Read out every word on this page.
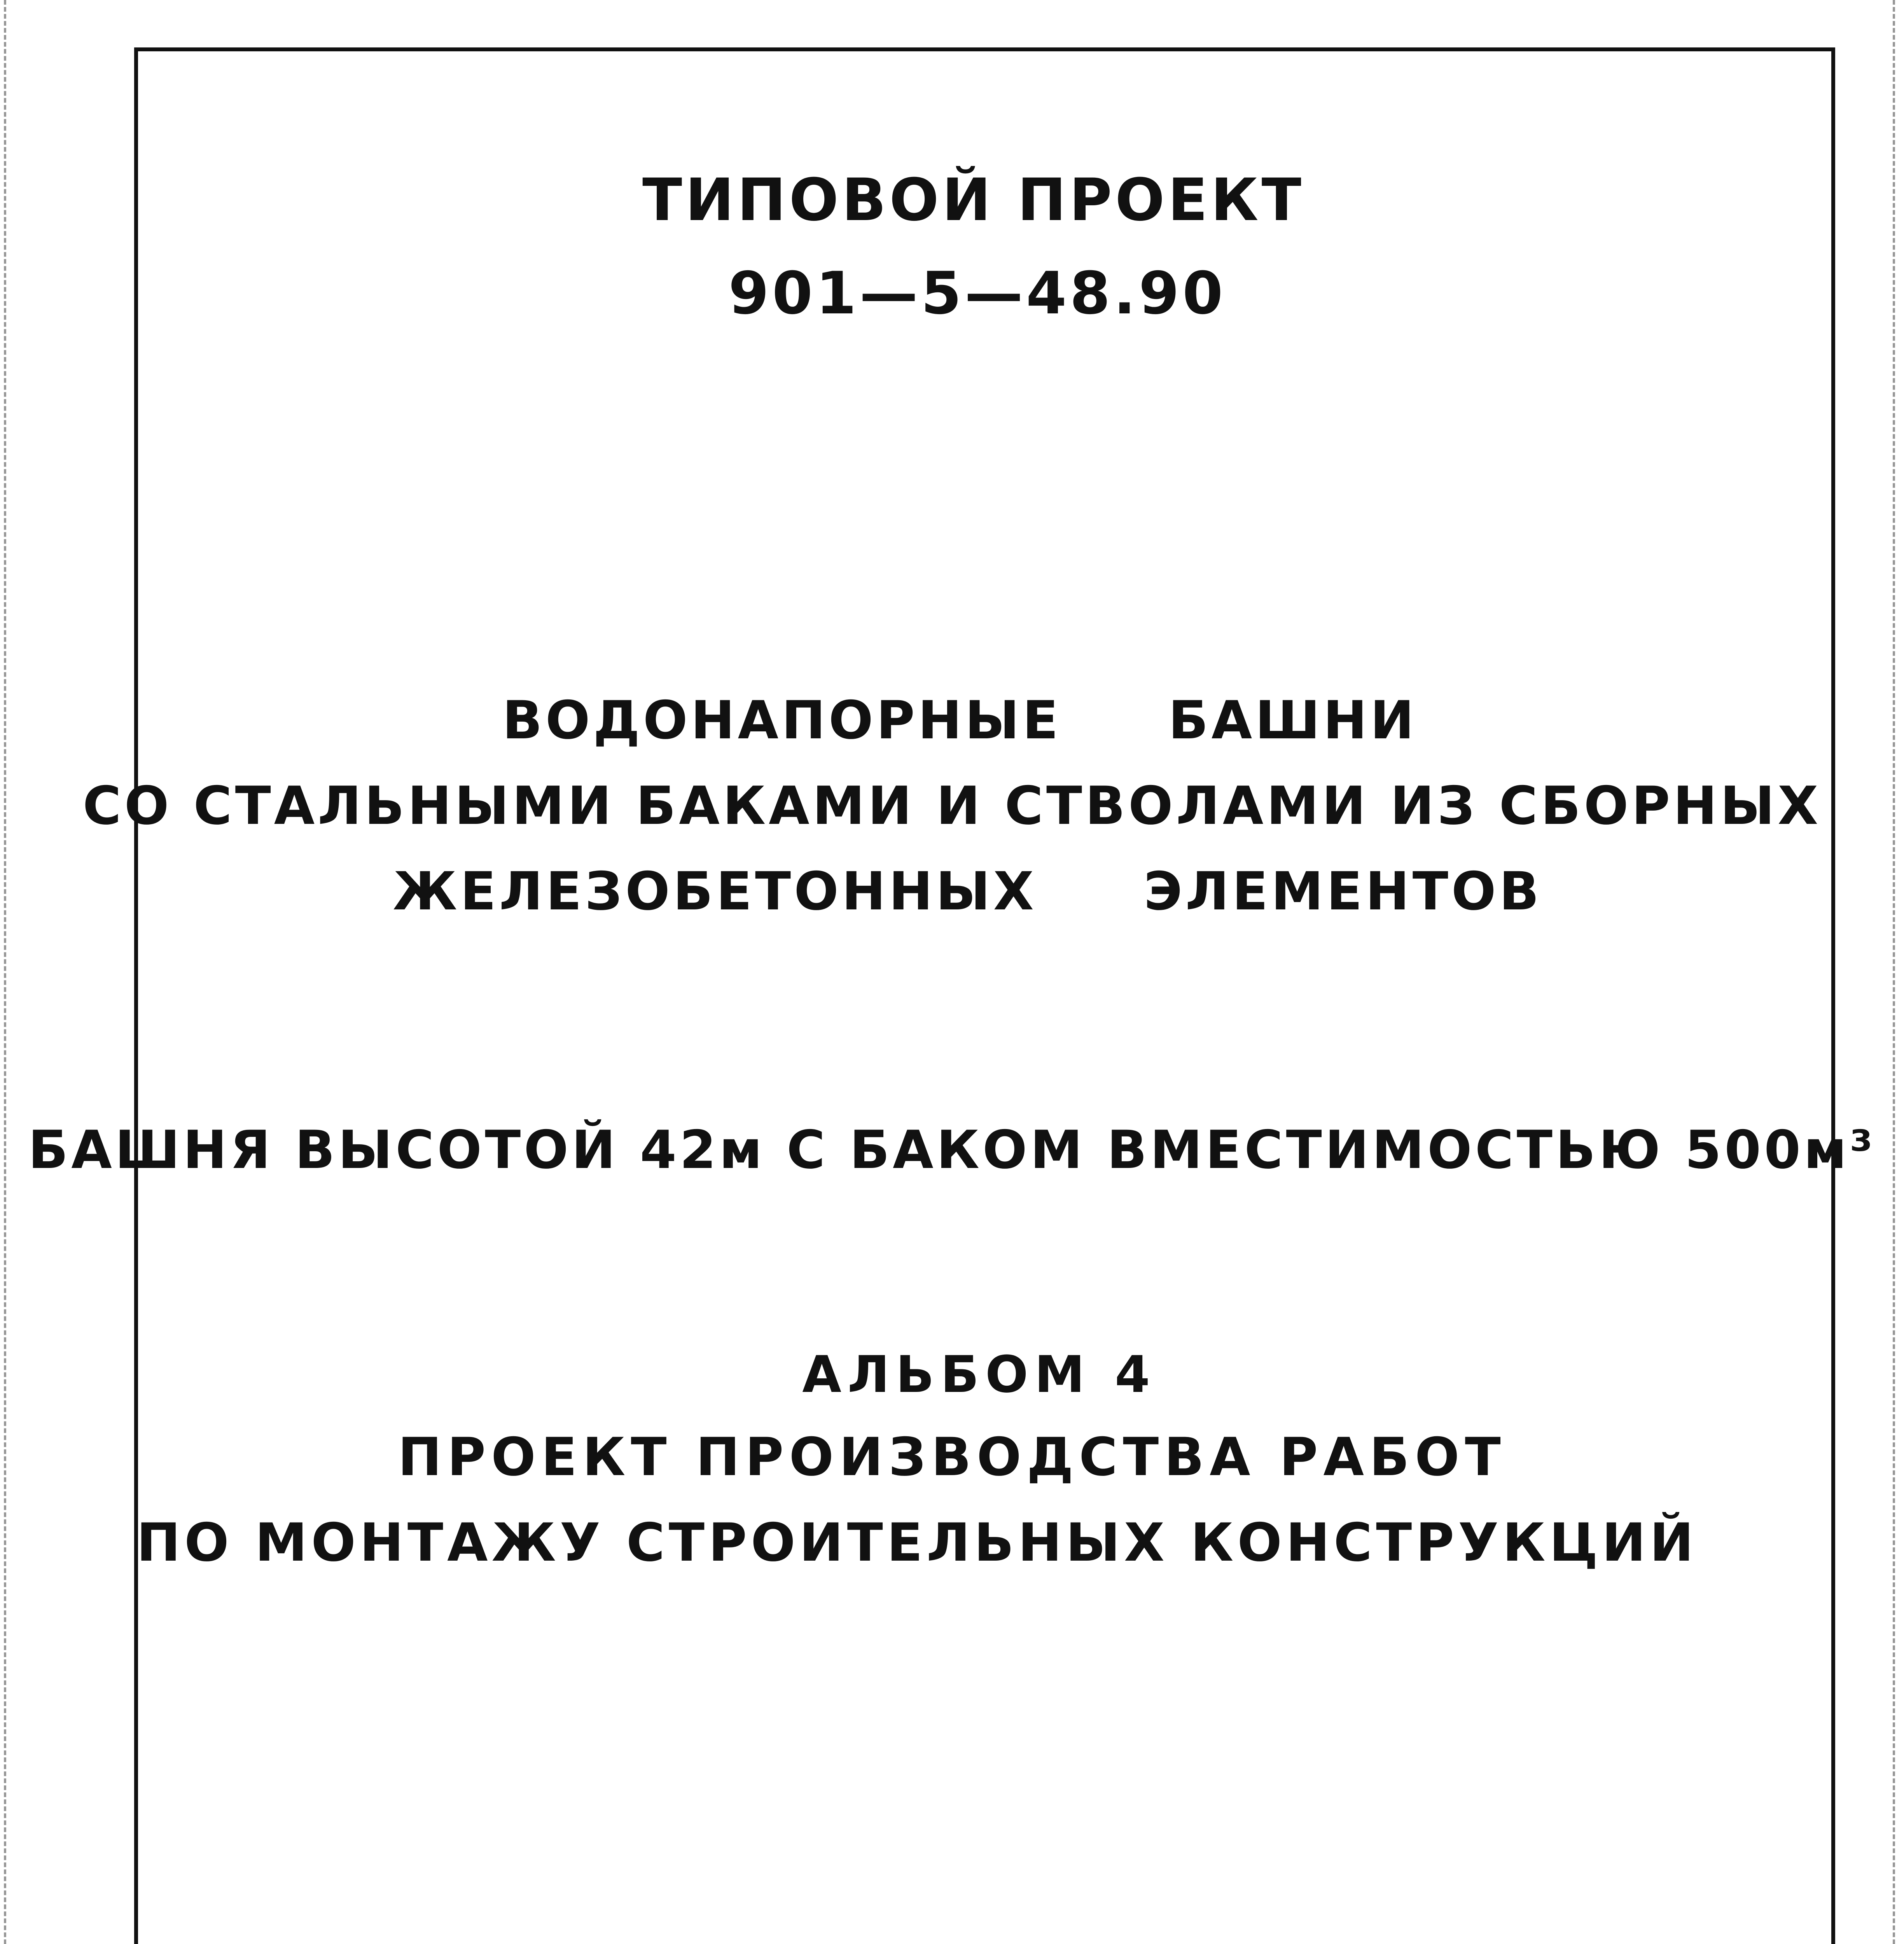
ТИПОВОЙ ПРОЕКТ
901—5—48.90
ВОДОНАПОРНЫЕ БАШНИ
СО СТАЛЬНЫМИ БАКАМИ И СТВОЛАМИ ИЗ СБОРНЫХ
ЖЕЛЕЗОБЕТОННЫХ ЭЛЕМЕНТОВ
БАШНЯ ВЫСОТОЙ 42м С БАКОМ ВМЕСТИМОСТЬЮ 500м³
АЛЬБОМ 4
ПРОЕКТ ПРОИЗВОДСТВА РАБОТ
ПО МОНТАЖУ СТРОИТЕЛЬНЫХ КОНСТРУКЦИЙ
